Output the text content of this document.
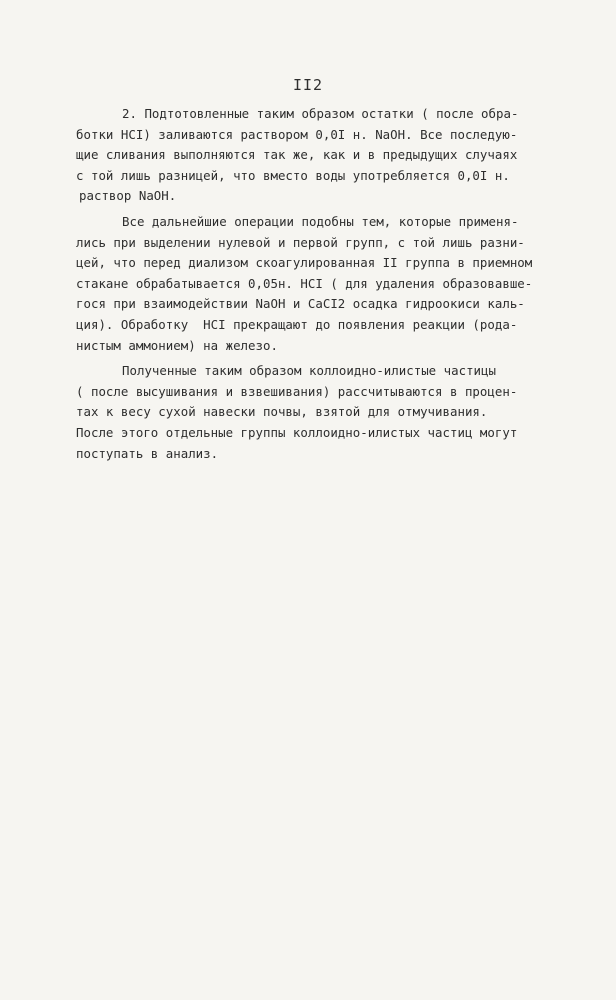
II2
2. Подтотовленные таким образом остатки ( после обра-
ботки HCI) заливаются раствором 0,0I н. NaOH. Все последую-
щие сливания выполняются так же, как и в предыдущих случаях
с той лишь разницей, что вместо воды употребляется 0,0I н.
раствор NaOH.
Все дальнейшие операции подобны тем, которые применя-
лись при выделении нулевой и первой групп, с той лишь разни-
цей, что перед диализом скоагулированная II группа в приемном
стакане обрабатывается 0,05н. HCI ( для удаления образовавше-
гося при взаимодействии NaOH и CaCI2 осадка гидроокиси каль-
ция). Обработку  HCI прекращают до появления реакции (рода-
нистым аммонием) на железо.
Полученные таким образом коллоидно-илистые частицы
( после высушивания и взвешивания) рассчитываются в процен-
тах к весу сухой навески почвы, взятой для отмучивания.
После этого отдельные группы коллоидно-илистых частиц могут
поступать в анализ.
